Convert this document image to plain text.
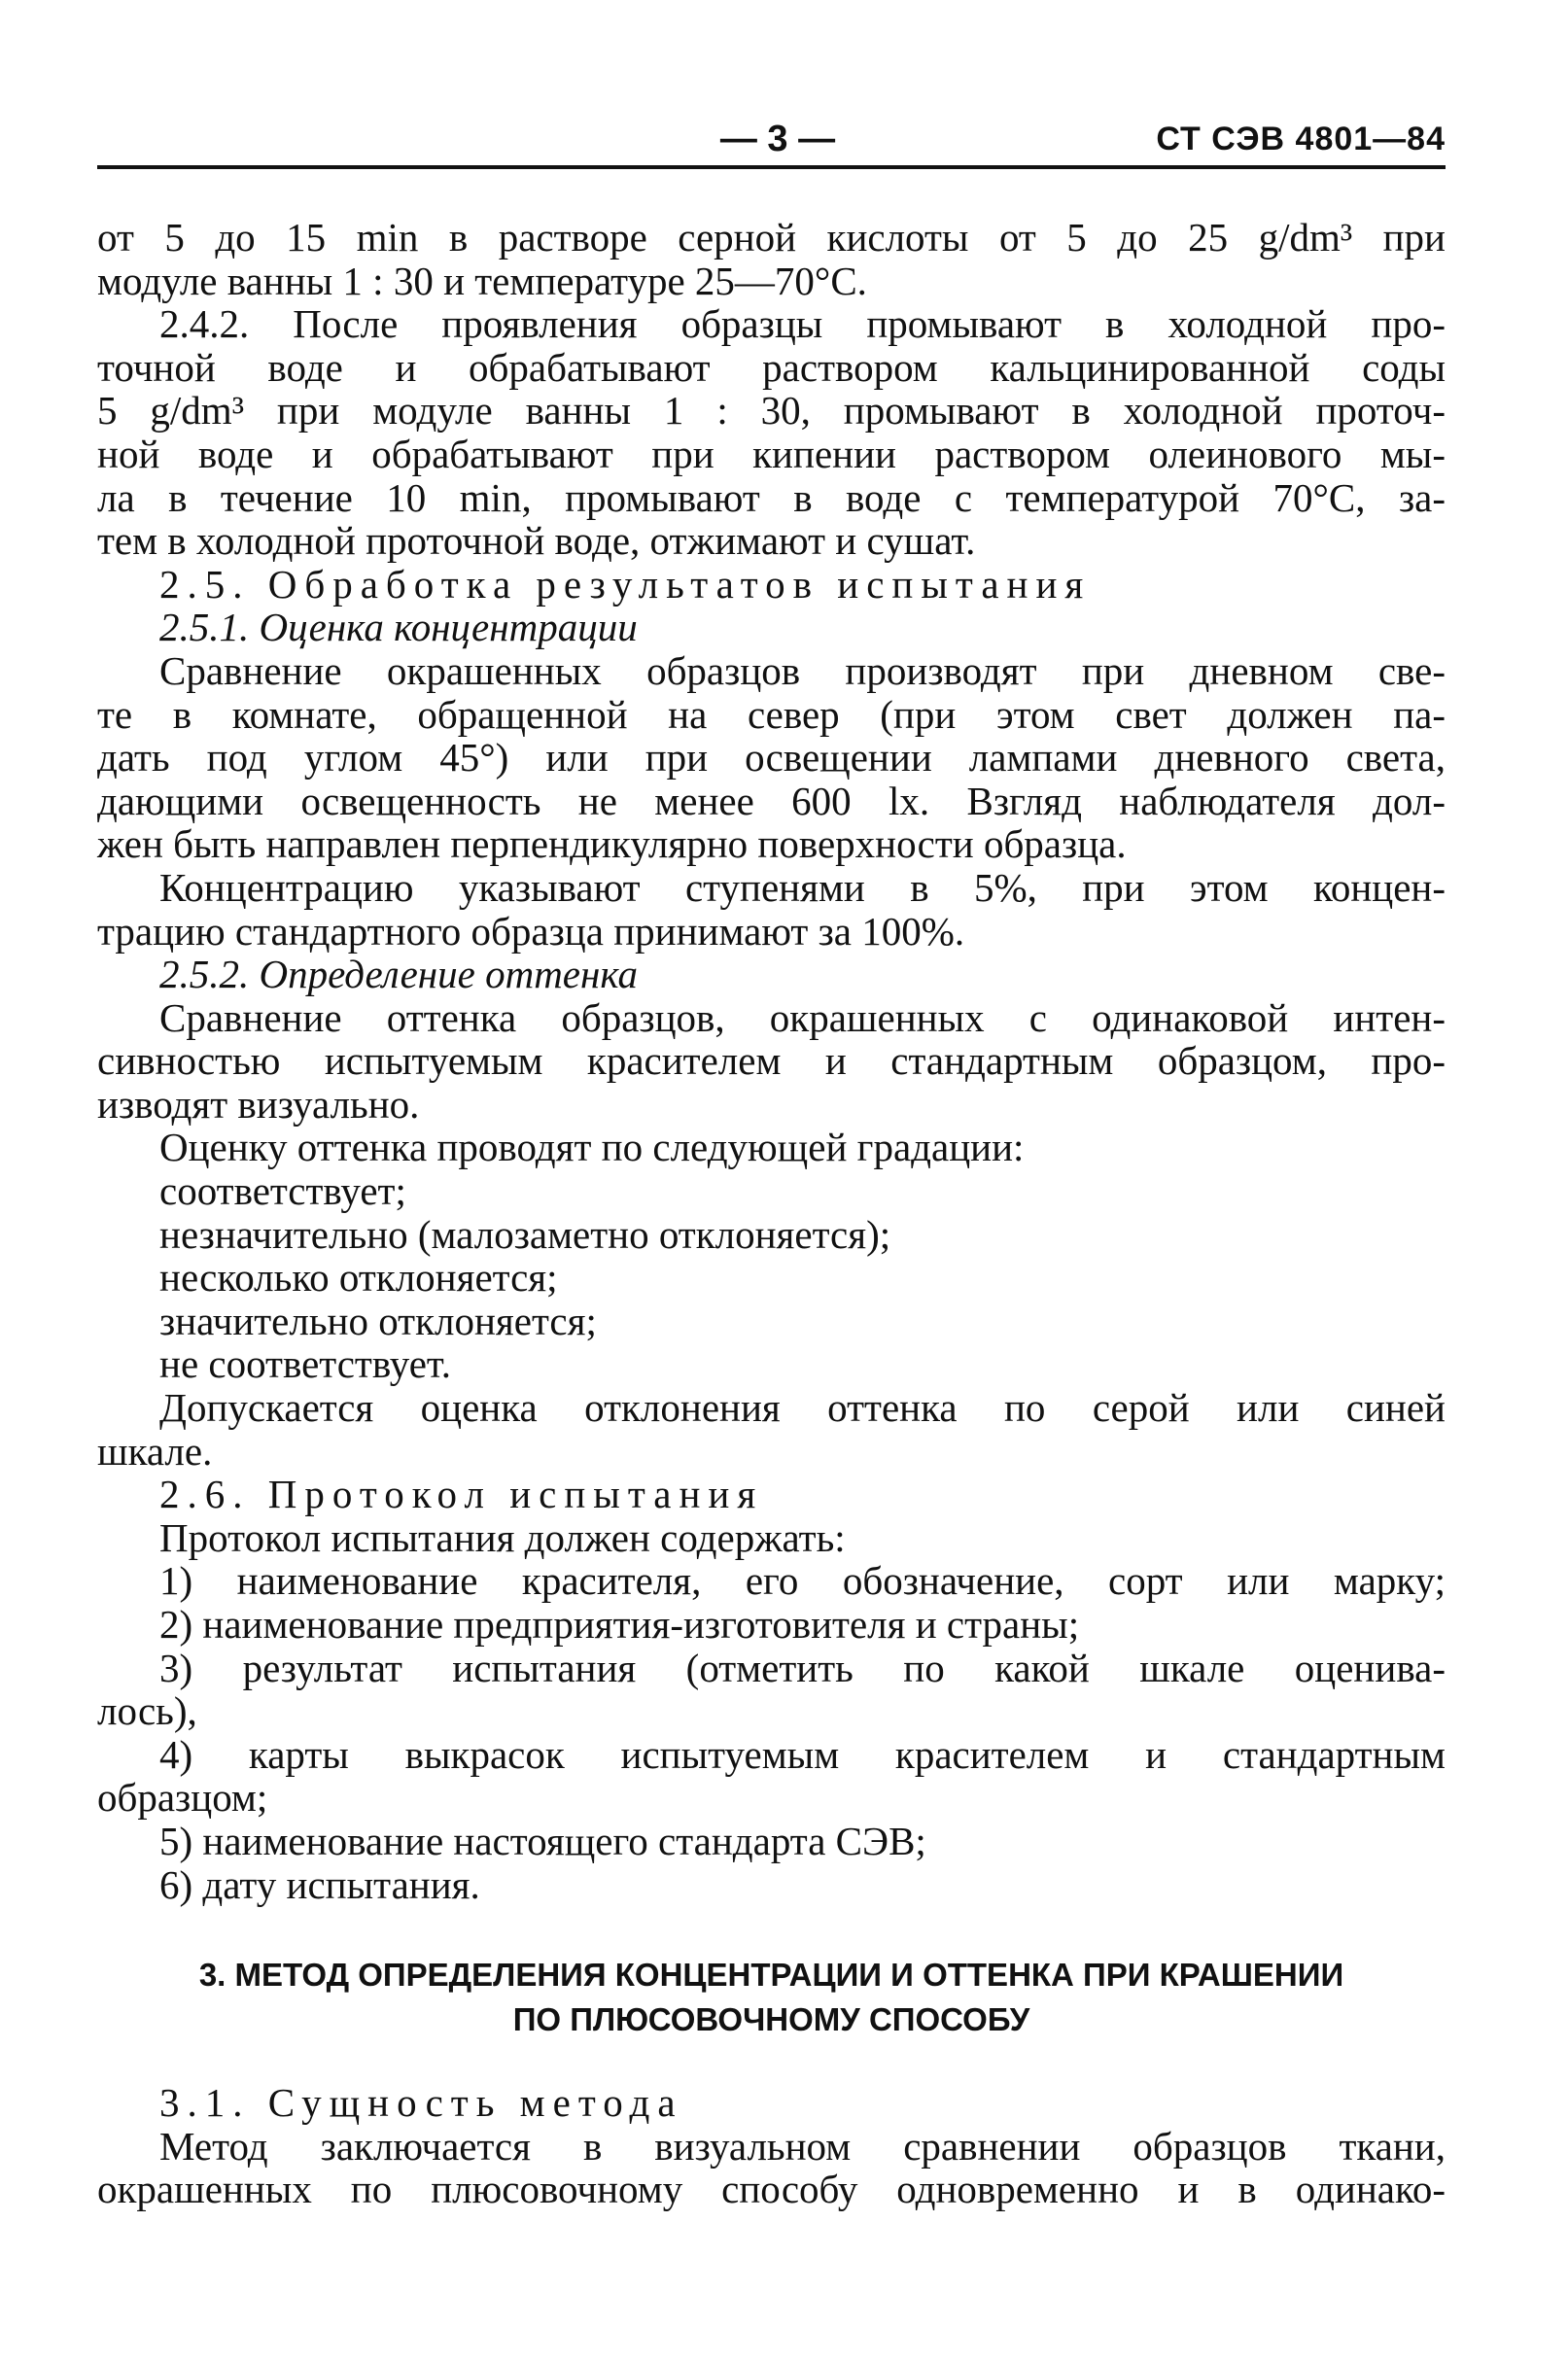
— 3 —	СТ СЭВ 4801—84
от 5 до 15 min в растворе серной кислоты от 5 до 25 g/dm³ при
модуле ванны 1 : 30 и температуре 25—70°С.
2.4.2. После проявления образцы промывают в холодной про-
точной воде и обрабатывают раствором кальцинированной соды
5 g/dm³ при модуле ванны 1 : 30, промывают в холодной проточ-
ной воде и обрабатывают при кипении раствором олеинового мы-
ла в течение 10 min, промывают в воде с температурой 70°С, за-
тем в холодной проточной воде, отжимают и сушат.
2.5. Обработка результатов испытания
2.5.1. Оценка концентрации
Сравнение окрашенных образцов производят при дневном све-
те в комнате, обращенной на север (при этом свет должен па-
дать под углом 45°) или при освещении лампами дневного света,
дающими освещенность не менее 600 lx. Взгляд наблюдателя дол-
жен быть направлен перпендикулярно поверхности образца.
Концентрацию указывают ступенями в 5%, при этом концен-
трацию стандартного образца принимают за 100%.
2.5.2. Определение оттенка
Сравнение оттенка образцов, окрашенных с одинаковой интен-
сивностью испытуемым красителем и стандартным образцом, про-
изводят визуально.
Оценку оттенка проводят по следующей градации:
соответствует;
незначительно (малозаметно отклоняется);
несколько отклоняется;
значительно отклоняется;
не соответствует.
Допускается оценка отклонения оттенка по серой или синей
шкале.
2.6. Протокол испытания
Протокол испытания должен содержать:
1) наименование красителя, его обозначение, сорт или марку;
2) наименование предприятия-изготовителя и страны;
3) результат испытания (отметить по какой шкале оценива-
лось),
4) карты выкрасок испытуемым красителем и стандартным
образцом;
5) наименование настоящего стандарта СЭВ;
6) дату испытания.
3. МЕТОД ОПРЕДЕЛЕНИЯ КОНЦЕНТРАЦИИ И ОТТЕНКА ПРИ КРАШЕНИИ
ПО ПЛЮСОВОЧНОМУ СПОСОБУ
3.1. Сущность метода
Метод заключается в визуальном сравнении образцов ткани,
окрашенных по плюсовочному способу одновременно и в одинако-
